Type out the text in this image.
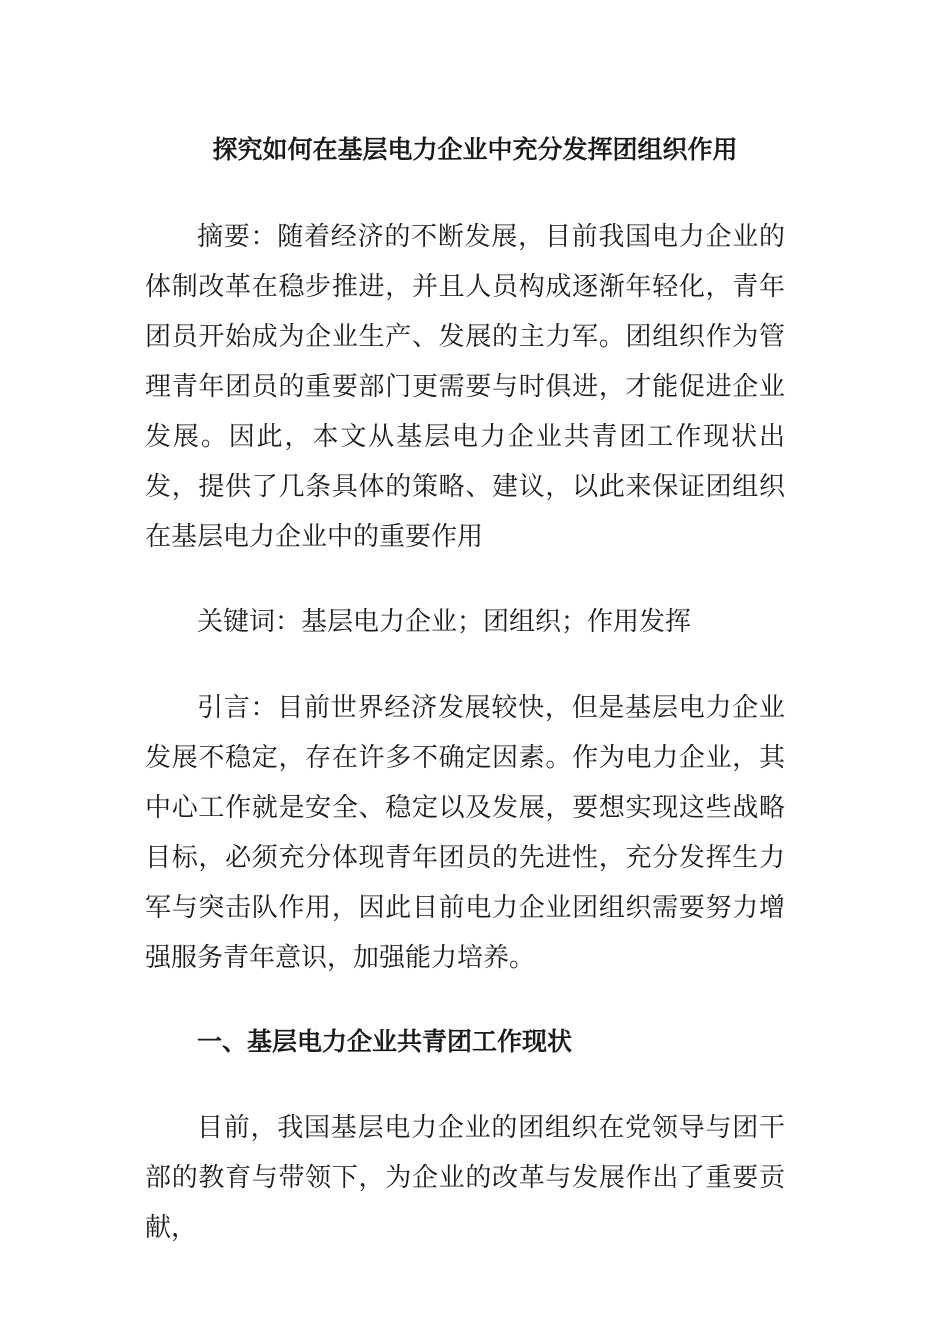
探究如何在基层电力企业中充分发挥团组织作用

摘要：随着经济的不断发展，目前我国电力企业的体制改革在稳步推进，并且人员构成逐渐年轻化，青年团员开始成为企业生产、发展的主力军。团组织作为管理青年团员的重要部门更需要与时俱进，才能促进企业发展。因此，本文从基层电力企业共青团工作现状出发，提供了几条具体的策略、建议，以此来保证团组织在基层电力企业中的重要作用

关键词：基层电力企业；团组织；作用发挥

引言：目前世界经济发展较快，但是基层电力企业发展不稳定，存在许多不确定因素。作为电力企业，其中心工作就是安全、稳定以及发展，要想实现这些战略目标，必须充分体现青年团员的先进性，充分发挥生力军与突击队作用，因此目前电力企业团组织需要努力增强服务青年意识，加强能力培养。

一、基层电力企业共青团工作现状

目前，我国基层电力企业的团组织在党领导与团干部的教育与带领下，为企业的改革与发展作出了重要贡献，
